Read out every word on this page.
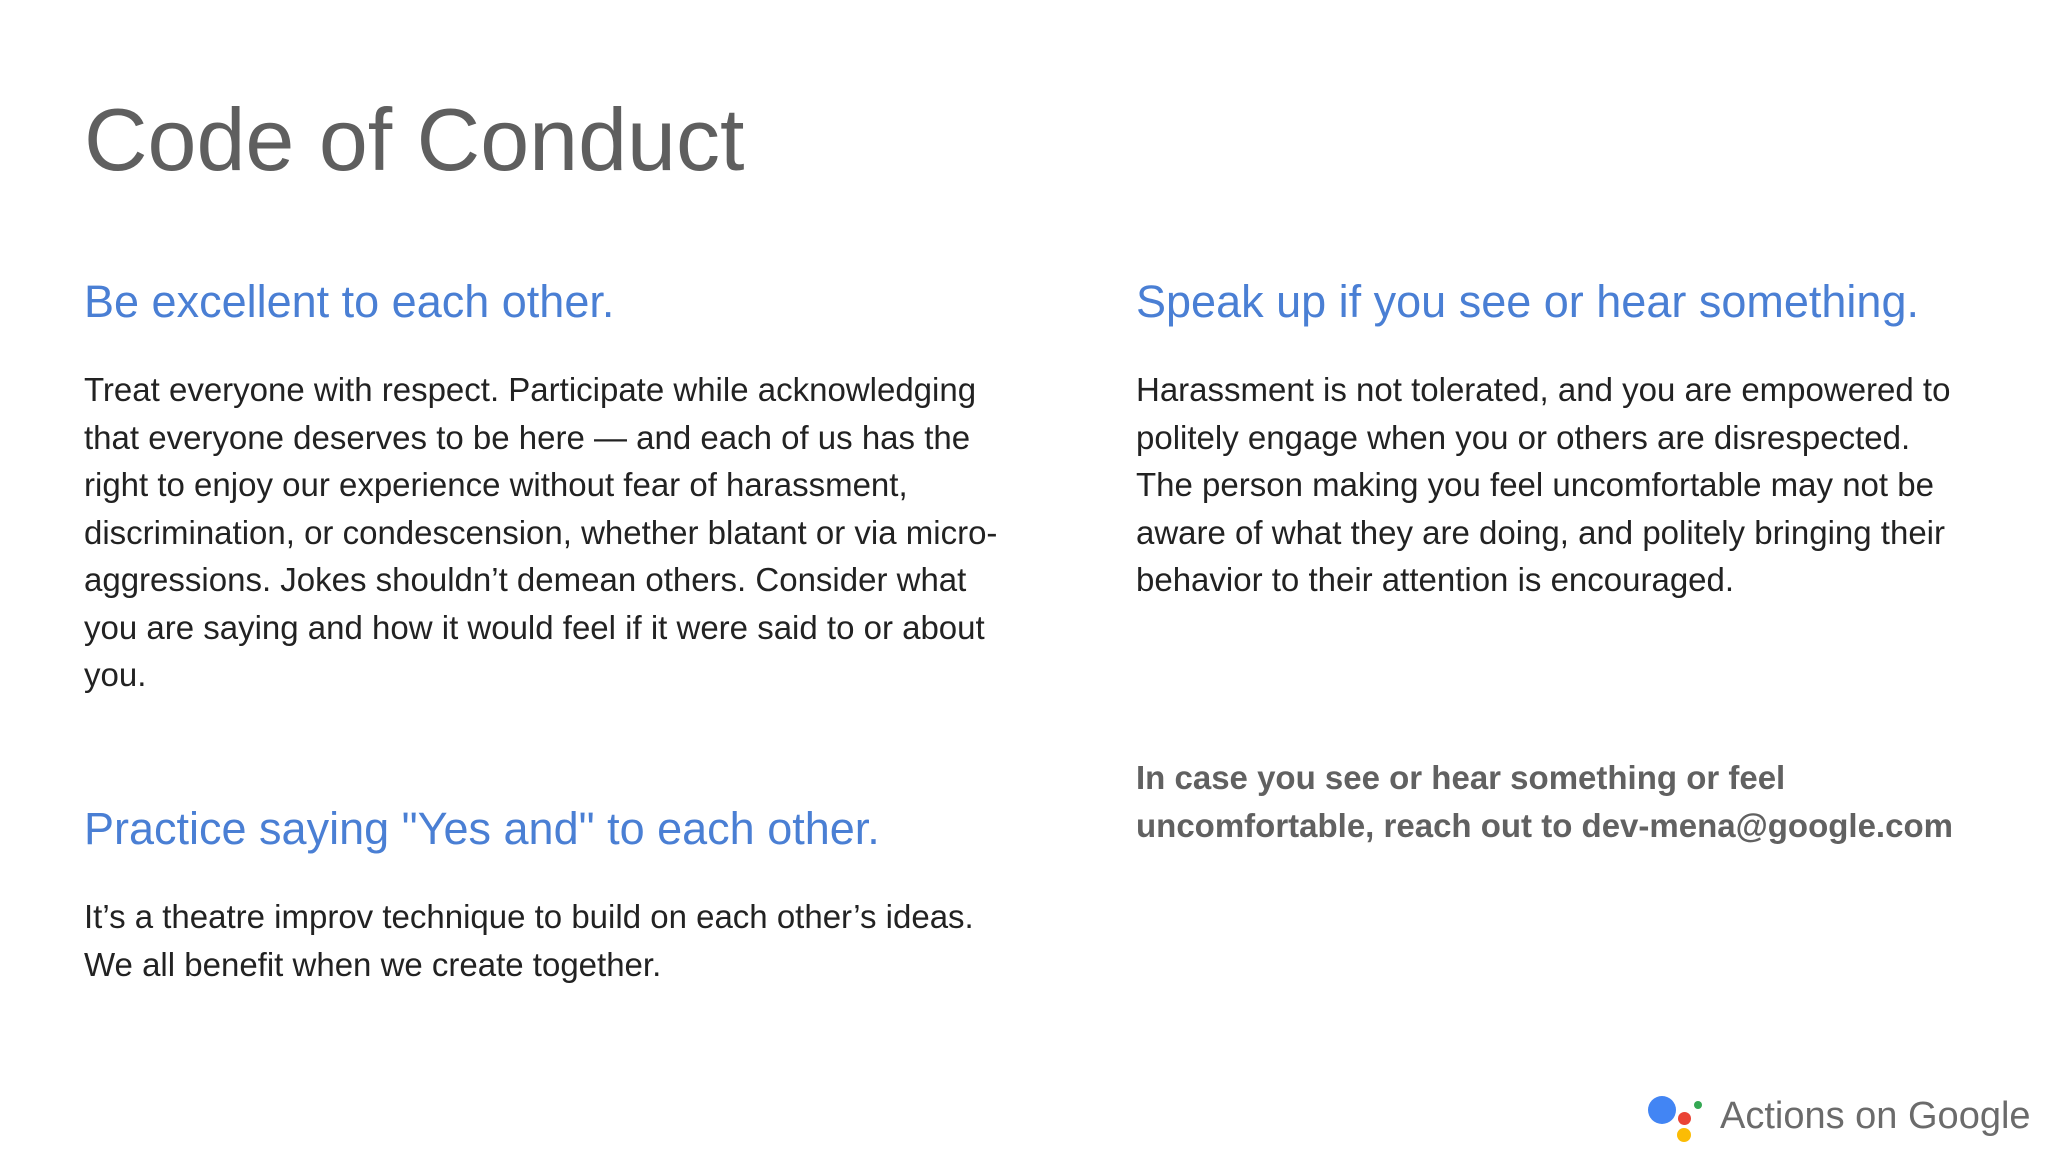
Code of Conduct
Be excellent to each other.

Treat everyone with respect. Participate while acknowledging that everyone deserves to be here — and each of us has the right to enjoy our experience without fear of harassment, discrimination, or condescension, whether blatant or via micro-aggressions. Jokes shouldn’t demean others. Consider what you are saying and how it would feel if it were said to or about you.

Practice saying "Yes and" to each other.

It’s a theatre improv technique to build on each other’s ideas. We all benefit when we create together.

Speak up if you see or hear something.

Harassment is not tolerated, and you are empowered to politely engage when you or others are disrespected. The person making you feel uncomfortable may not be aware of what they are doing, and politely bringing their behavior to their attention is encouraged.

In case you see or hear something or feel uncomfortable, reach out to dev-mena@google.com

Actions on Google
